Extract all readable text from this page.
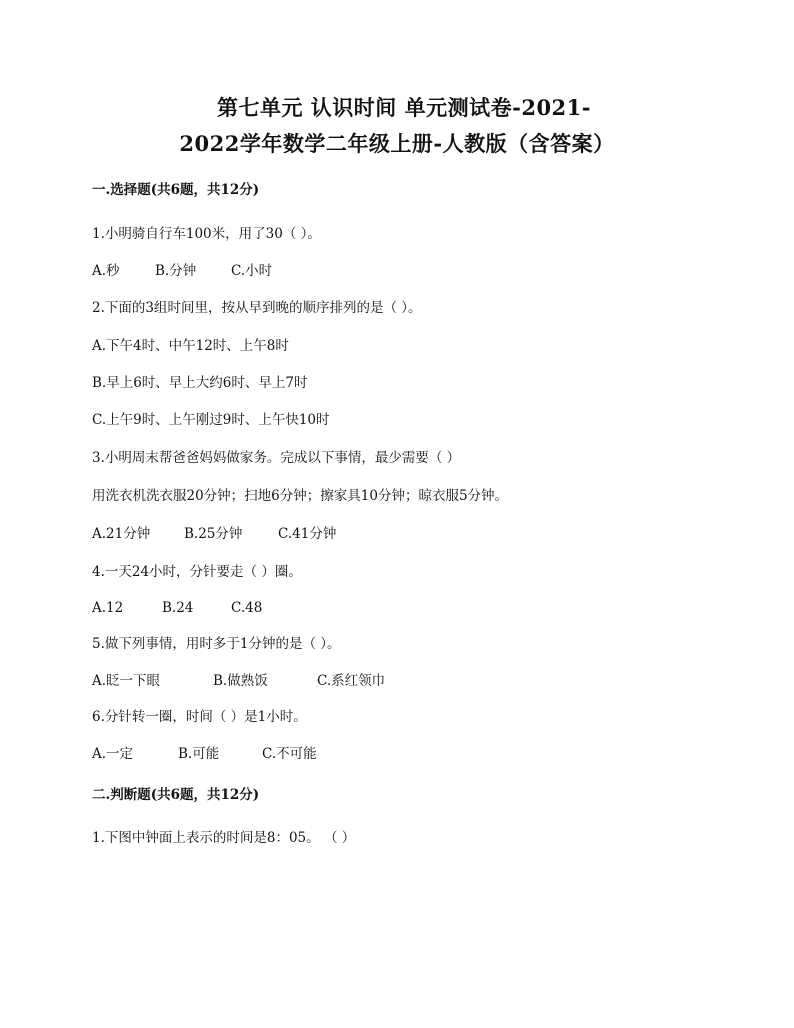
第七单元 认识时间 单元测试卷-2021-
2022学年数学二年级上册-人教版（含答案）
一.选择题(共6题，共12分)
1.小明骑自行车100米，用了30（ ）。
A.秒	B.分钟	C.小时
2.下面的3组时间里，按从早到晚的顺序排列的是（ ）。
A.下午4时、中午12时、上午8时
B.早上6时、早上大约6时、早上7时
C.上午9时、上午刚过9时、上午快10时
3.小明周末帮爸爸妈妈做家务。完成以下事情，最少需要（ ）
用洗衣机洗衣服20分钟；扫地6分钟；擦家具10分钟；晾衣服5分钟。
A.21分钟	B.25分钟	C.41分钟
4.一天24小时，分针要走（ ）圈。
A.12	B.24	C.48
5.做下列事情，用时多于1分钟的是（ ）。
A.眨一下眼	B.做熟饭	C.系红领巾
6.分针转一圈，时间（ ）是1小时。
A.一定	B.可能	C.不可能
二.判断题(共6题，共12分)
1.下图中钟面上表示的时间是8：05。 （ ）
